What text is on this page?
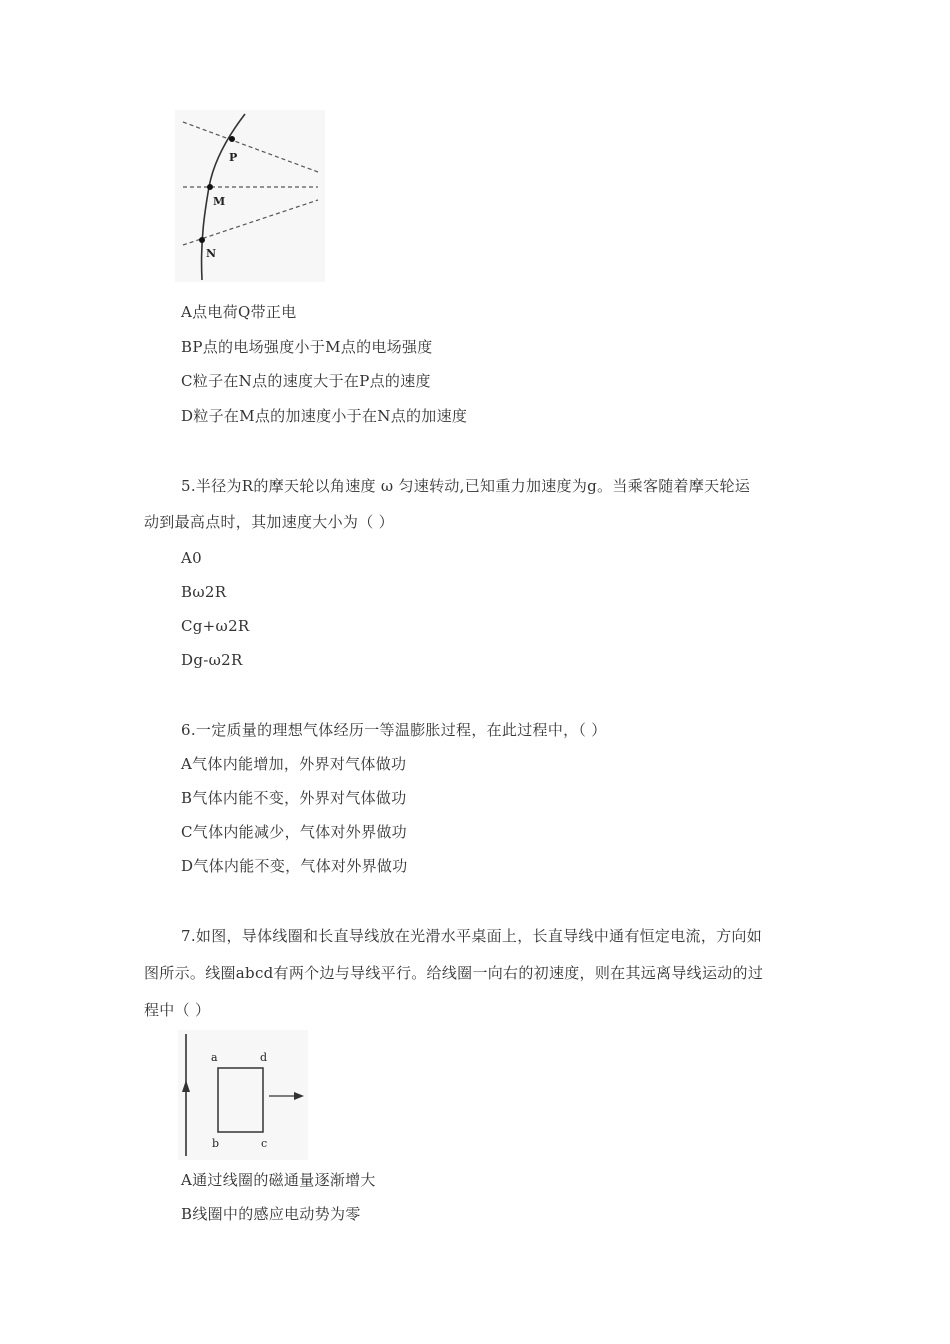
P
M
N
A点电荷Q带正电
BP点的电场强度小于M点的电场强度
C粒子在N点的速度大于在P点的速度
D粒子在M点的加速度小于在N点的加速度
5.半径为R的摩天轮以角速度 ω 匀速转动,已知重力加速度为g。当乘客随着摩天轮运
动到最高点时，其加速度大小为（ ）
A0
Bω2R
Cg+ω2R
Dg-ω2R
6.一定质量的理想气体经历一等温膨胀过程，在此过程中，（ ）
A气体内能增加，外界对气体做功
B气体内能不变，外界对气体做功
C气体内能减少，气体对外界做功
D气体内能不变，气体对外界做功
7.如图，导体线圈和长直导线放在光滑水平桌面上，长直导线中通有恒定电流，方向如
图所示。线圈abcd有两个边与导线平行。给线圈一向右的初速度，则在其远离导线运动的过
程中（ ）
a	d
b	c
A通过线圈的磁通量逐渐增大
B线圈中的感应电动势为零
